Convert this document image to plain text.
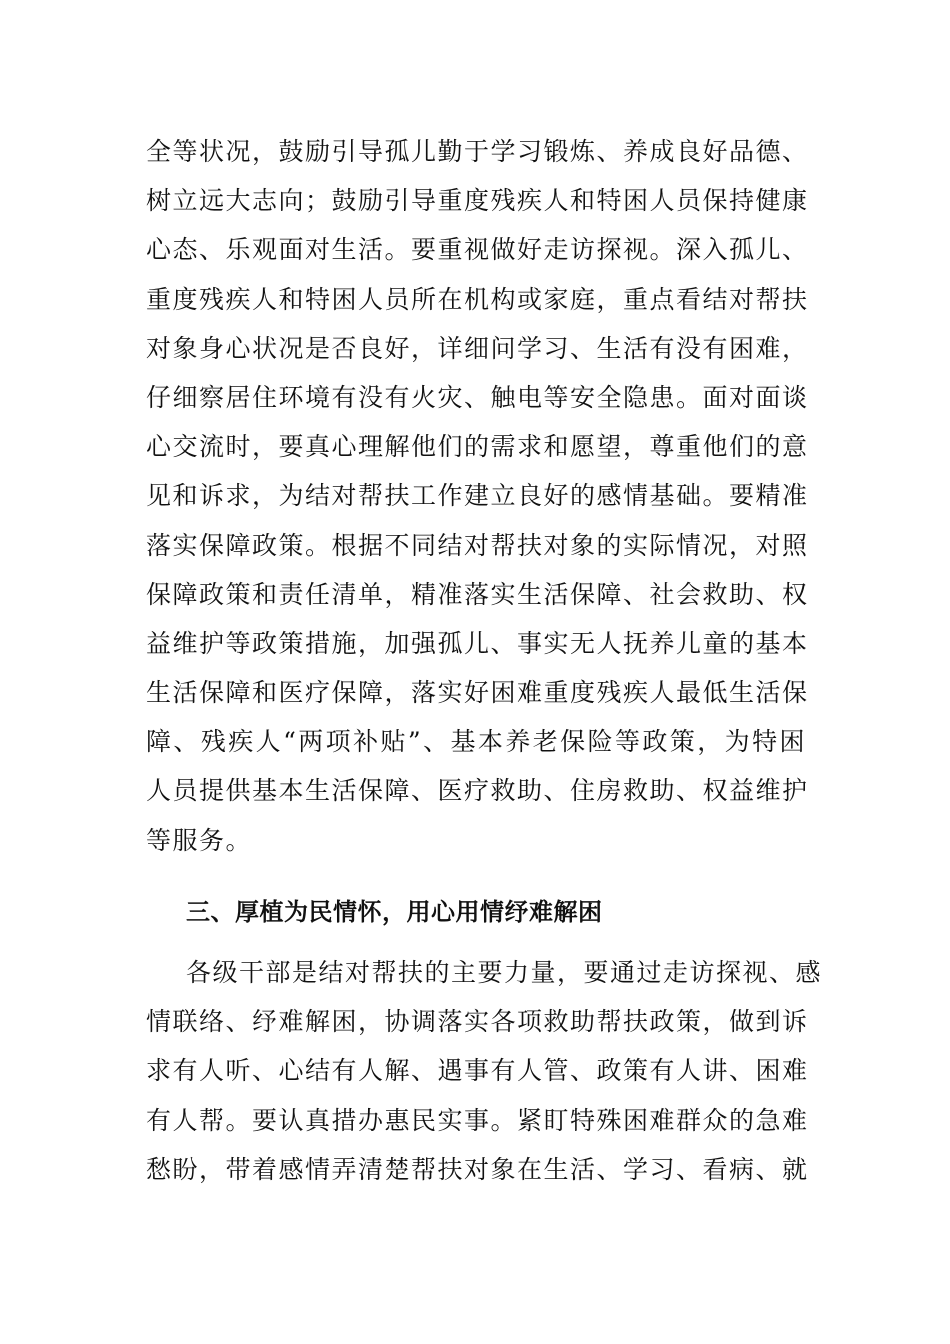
全等状况，鼓励引导孤儿勤于学习锻炼、养成良好品德、
树立远大志向；鼓励引导重度残疾人和特困人员保持健康
心态、乐观面对生活。要重视做好走访探视。深入孤儿、
重度残疾人和特困人员所在机构或家庭，重点看结对帮扶
对象身心状况是否良好，详细问学习、生活有没有困难，
仔细察居住环境有没有火灾、触电等安全隐患。面对面谈
心交流时，要真心理解他们的需求和愿望，尊重他们的意
见和诉求，为结对帮扶工作建立良好的感情基础。要精准
落实保障政策。根据不同结对帮扶对象的实际情况，对照
保障政策和责任清单，精准落实生活保障、社会救助、权
益维护等政策措施，加强孤儿、事实无人抚养儿童的基本
生活保障和医疗保障，落实好困难重度残疾人最低生活保
障、残疾人“两项补贴”、基本养老保险等政策，为特困
人员提供基本生活保障、医疗救助、住房救助、权益维护
等服务。
三、厚植为民情怀，用心用情纾难解困
各级干部是结对帮扶的主要力量，要通过走访探视、感
情联络、纾难解困，协调落实各项救助帮扶政策，做到诉
求有人听、心结有人解、遇事有人管、政策有人讲、困难
有人帮。要认真措办惠民实事。紧盯特殊困难群众的急难
愁盼，带着感情弄清楚帮扶对象在生活、学习、看病、就
